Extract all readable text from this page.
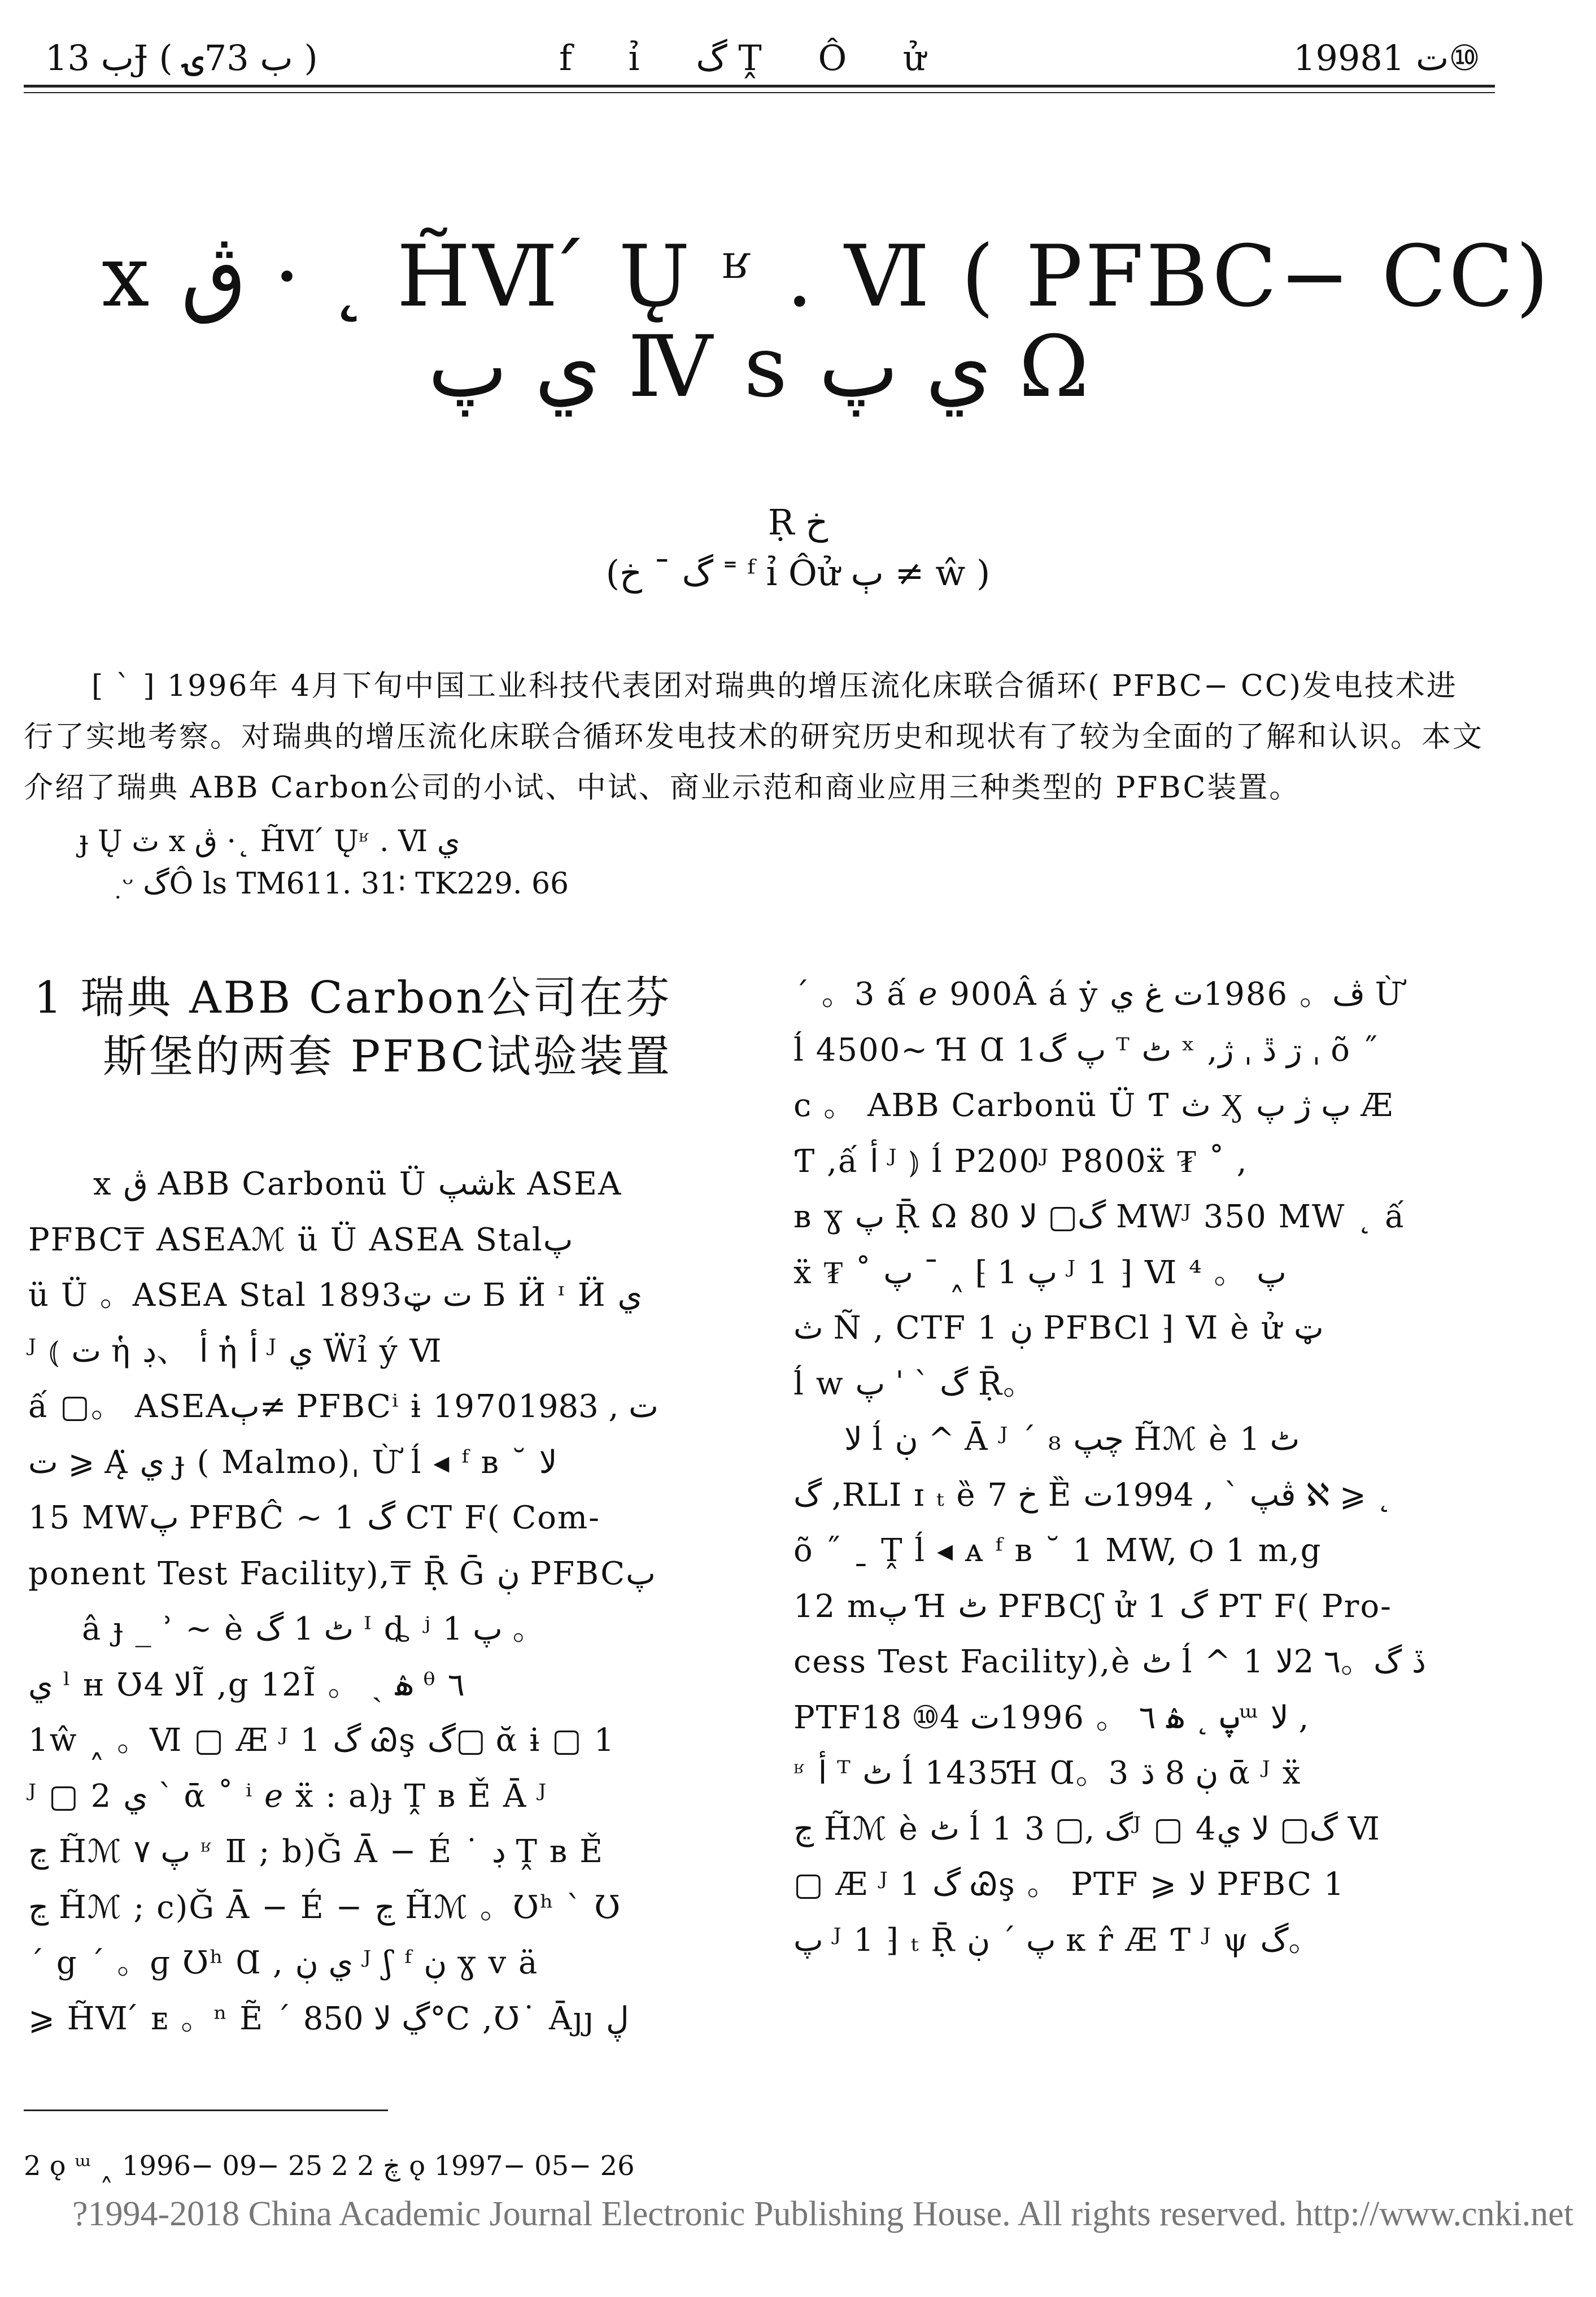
ب 13Ɉ ( ب 73ۍ )	f ỉ گ Ṱ Ô ử	1998ت 1⑩
x ڨ · ˛ H̃Ⅵ ́ Ų ʶ . Ⅵ ( PFBC− CC)
ي پ Ⅳ s ي پ Ω
Ṛ خ
(گ ¯ خ ˭ ᶠ ỉ Ôử ٻ ≠ ŵ )

[ ˋ ] 1996年 4月下旬中国工业科技代表团对瑞典的增压流化床联合循环( PFBC− CC)发电技术进

行了实地考察。对瑞典的增压流化床联合循环发电技术的研究历史和现状有了较为全面的了解和认识。本文

介绍了瑞典 ABB Carbon公司的小试、中试、商业示范和商业应用三种类型的 PFBC装置。

ɟ Ų ٽ x ڨ ·˛ H̃Ⅵ ́ Ųʶ . Ⅵ ي
ٜ ᵕ گÔ ls TM611. 31∶ TK229. 66
1 瑞典 ABB Carbon公司在芬
斯堡的两套 PFBC试验装置
x ڨ ABB Carbonü Ü شپk ASEA
PFBC₸ ASEAℳ ü Ü ASEA Stalپ
ü Ü 。ASEA Stal 1893ت ټ Ƃ Ӥ ᶦ Ӥ ي
ᴶ ⦅ ت ἡ ﺃ 、ڊ ἡ ﺃ ᴶ ي Ẅỉ ý Ⅵ
ấ ▢。 ASEAٻ≠ PFBCⁱ ɨ 1970ت , 1983
ت ⩾ Ą̈ ي ɟ ( Malmo)ˌ Ừ ĺ ◂ ᶠ ʙ ˘ ﻻ
15 MWپ PFBĈ ~ 1 گ CT F( Com-
ponent Test Facility),₸ Ṝ Ḡ ڹ PFBCپ
â ɟ _ ʾ ~ è ٹ 1 گ ᴵ ȡ ʲ پ 1 。
ي ˡ ʜ Ʊﻻ 4Ĩ ,g 12Ĩ 。 ˏ ۿ ᶿ ٦
1ŵ ˰ 。Ⅵ ▢ Æ ᴶ 1 گ Ꮚş گ▢ ᾰ ɨ ▢ 1
ᴶ ▢ 2 ي ˋ ᾱ ˚ ⁱ ℯ ẍ : a)ɟ Ṱ ʙ Ě Ā ᴶ
ڃ H̃ℳ پ ٧ ʶ Ⅱ ; b)Ğ Ā − É ˙ ڊ Ṱ ʙ Ě
ڃ H̃ℳ ; c)Ğ Ā − É − ڃ H̃ℳ 。Ʊʰ ˋ Ʊ
ˊ g ˊ 。ɡ Ʊʰ Ɑ , ي ڹ ᴶ ʃ ᶠ ڹ ɣ v ä
⩾ H̃Ⅵ ́ ᴇ 。ⁿ Ẽ ˊ ڲ ﻻ 850°C ,Ʊ˙ Āȷȷ ڸ
ˊ 。3 ấ ℯ 900Â á ẏ ڤ。 1986ت غ ي Ừ
ĺ 4500~ Ɦ Ɑ 1پ گ ᵀ ٹ ˣ ,ڗ ڐ ˌ ژ ˌ õ ˝
ᴄ 。 ABB Carbonü Ü Ƭ ث Ӽ پ ژ پ Æ
Ƭ ,ấ ﺃ ᴶ ⦆ ĺ P200ᴶ P800ẍ ₮ ˚ ,
ʙ ɣ پ Ṝ Ω گ▢ ﻻ 80 MWᴶ 350 MW ˛ ấ
ẍ ₮ ˚ پ 1 ⁆ ˰ ˉ پ ᴶ 1 ⁆ Ⅵ پ 。 ⁴
ث Ñ , CTF 1 ڹ PFBCl ⁆ Ⅵ è ử ټ
ĺ ᴡ گ ˋ ˈ پ Ṝ。
ﻻ ĺ ڹ ^ Ā ᴶ ˊ ₈ چپ H̃ℳ è ٹ 1
گ ,RLI ɪ ₜ ȅ خ 7 Ȅ ڨپ ˋ , 1994ت ℵ ⩾ ˛
õ ˝ ˍ Ṱ ĺ ◂ ᴀ ᶠ ʙ ˘ 1 MW, Ѻ 1 m,g
12 mپ Ɦ ٹ PFBCʃ ử 1 گ PT F( Pro-
cess Test Facility),è ٹ ĺ ^ 1 ڏ گ。٦ 2ﻻ
PTFپ ˛ ۿ ٦ 。 1996ت 4⑩ 18ᵚ ﻻ ,
ʶ ﺃ ᵀ ٹ ĺ 1435Ɦ Ɑ。3 ڹ 8 ڌ ᾱ ᴶ ẍ
ڃ H̃ℳ è ٹ ĺ 1 گ ,▢ 3ᴶ ▢ 4گ▢ ﻻ ي Ⅵ
▢ Æ ᴶ 1 گ Ꮚş 。 PTF ⩾ ﻻ PFBC 1
پ ᴶ 1 ⁆ ₜ Ṝ پ ˊ ڹ ᴋ r̂ Æ Ƭ ᴶ ψ گ。
2 ǫ ᵚ ˰ 1996− 09− 25 2 ڿ 2 ǫ 1997− 05− 26
?1994-2018 China Academic Journal Electronic Publishing House. All rights reserved. http://www.cnki.net
